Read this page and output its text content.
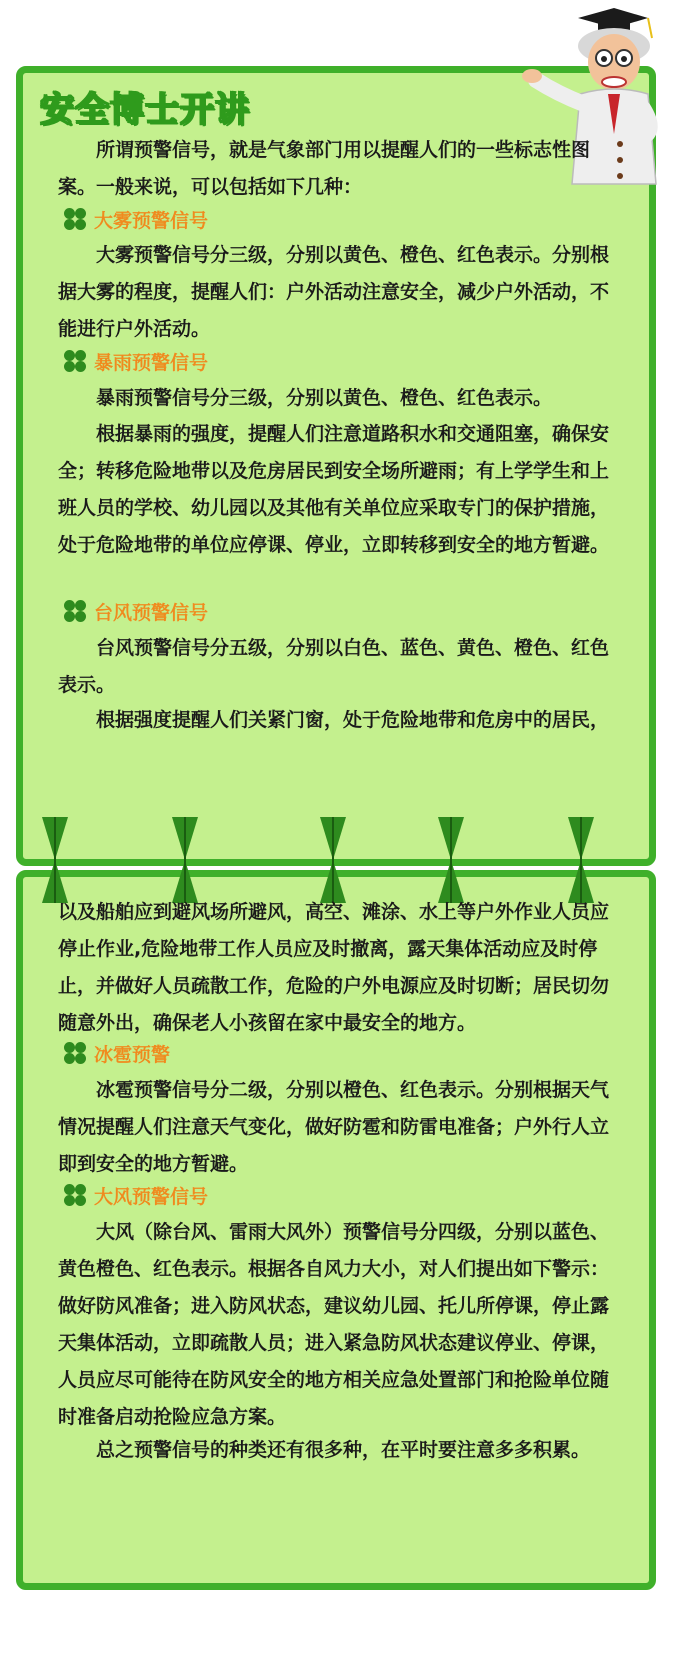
安全博士开讲

所谓预警信号，就是气象部门用以提醒人们的一些标志性图案。一般来说，可以包括如下几种：

大雾预警信号

大雾预警信号分三级，分别以黄色、橙色、红色表示。分别根据大雾的程度，提醒人们：户外活动注意安全，减少户外活动，不能进行户外活动。

暴雨预警信号

暴雨预警信号分三级，分别以黄色、橙色、红色表示。

根据暴雨的强度，提醒人们注意道路积水和交通阻塞，确保安全；转移危险地带以及危房居民到安全场所避雨；有上学学生和上班人员的学校、幼儿园以及其他有关单位应采取专门的保护措施，处于危险地带的单位应停课、停业，立即转移到安全的地方暂避。

台风预警信号

台风预警信号分五级，分别以白色、蓝色、黄色、橙色、红色表示。

根据强度提醒人们关紧门窗，处于危险地带和危房中的居民，

以及船舶应到避风场所避风，高空、滩涂、水上等户外作业人员应停止作业,危险地带工作人员应及时撤离，露天集体活动应及时停止，并做好人员疏散工作，危险的户外电源应及时切断；居民切勿随意外出，确保老人小孩留在家中最安全的地方。

冰雹预警

冰雹预警信号分二级，分别以橙色、红色表示。分别根据天气情况提醒人们注意天气变化，做好防雹和防雷电准备；户外行人立即到安全的地方暂避。

大风预警信号

大风（除台风、雷雨大风外）预警信号分四级，分别以蓝色、黄色橙色、红色表示。根据各自风力大小，对人们提出如下警示：做好防风准备；进入防风状态，建议幼儿园、托儿所停课，停止露天集体活动，立即疏散人员；进入紧急防风状态建议停业、停课，人员应尽可能待在防风安全的地方相关应急处置部门和抢险单位随时准备启动抢险应急方案。

总之预警信号的种类还有很多种，在平时要注意多多积累。
